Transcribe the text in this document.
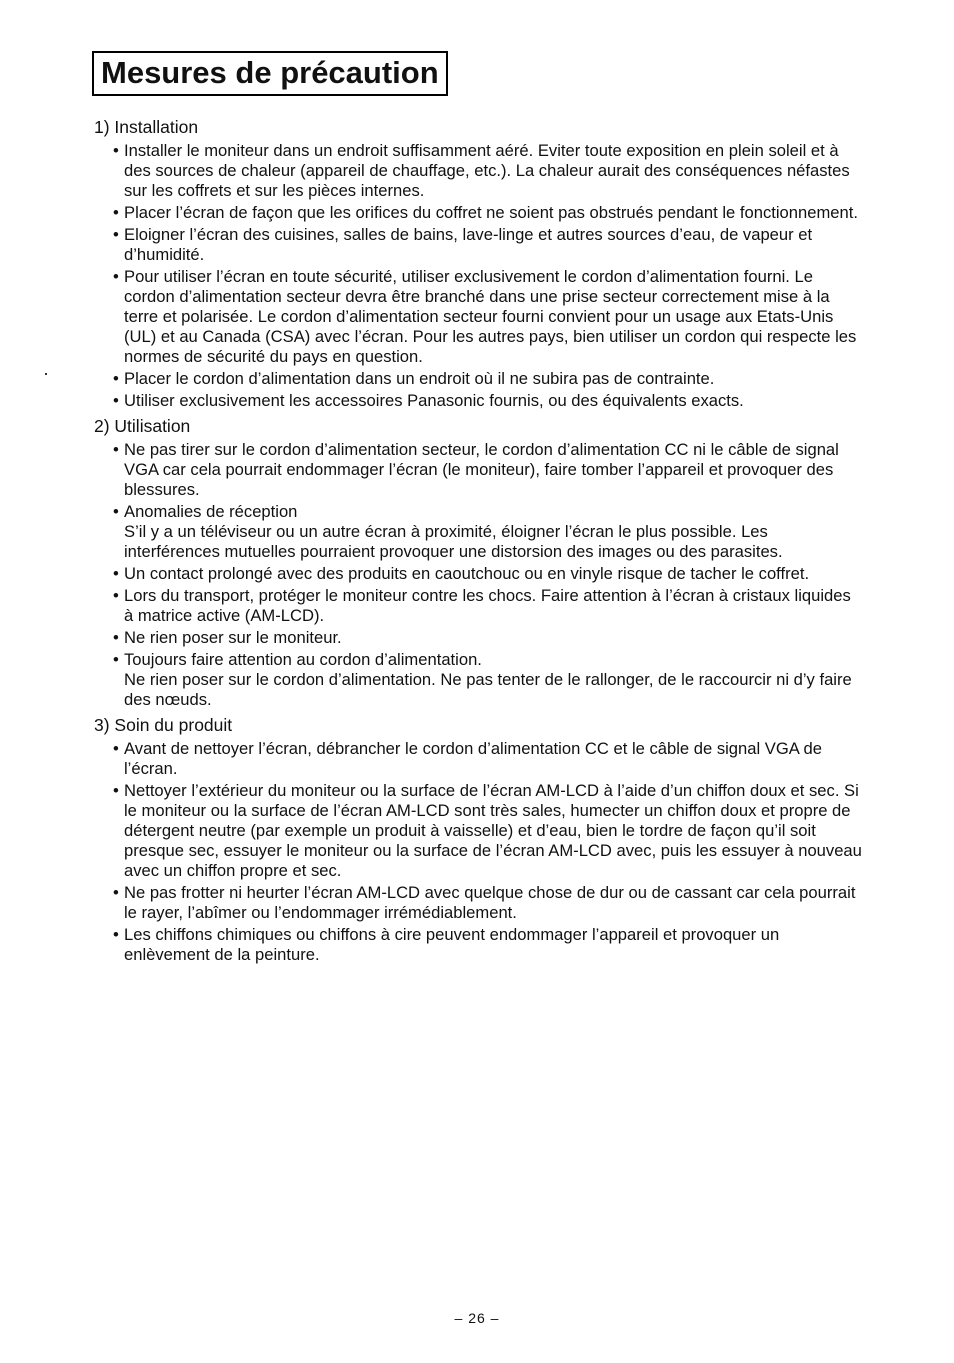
Mesures de précaution
1) Installation
• Installer le moniteur dans un endroit suffisamment aéré. Eviter toute exposition en plein soleil et à des sources de chaleur (appareil de chauffage, etc.). La chaleur aurait des conséquences néfastes sur les coffrets et sur les pièces internes.
• Placer l’écran de façon que les orifices du coffret ne soient pas obstrués pendant le fonctionnement.
• Eloigner l’écran des cuisines, salles de bains, lave-linge et autres sources d’eau, de vapeur et d’humidité.
• Pour utiliser l’écran en toute sécurité, utiliser exclusivement le cordon d’alimentation fourni. Le cordon d’alimentation secteur devra être branché dans une prise secteur correctement mise à la terre et polarisée. Le cordon d’alimentation secteur fourni convient pour un usage aux Etats-Unis (UL) et au Canada (CSA) avec l’écran. Pour les autres pays, bien utiliser un cordon qui respecte les normes de sécurité du pays en question.
• Placer le cordon d’alimentation dans un endroit où il ne subira pas de contrainte.
• Utiliser exclusivement les accessoires Panasonic fournis, ou des équivalents exacts.
2) Utilisation
• Ne pas tirer sur le cordon d’alimentation secteur, le cordon d’alimentation CC ni le câble de signal VGA car cela pourrait endommager l’écran (le moniteur), faire tomber l’appareil et provoquer des blessures.
• Anomalies de réception
S’il y a un téléviseur ou un autre écran à proximité, éloigner l’écran le plus possible. Les interférences mutuelles pourraient provoquer une distorsion des images ou des parasites.
• Un contact prolongé avec des produits en caoutchouc ou en vinyle risque de tacher le coffret.
• Lors du transport, protéger le moniteur contre les chocs. Faire attention à l’écran à cristaux liquides à matrice active (AM-LCD).
• Ne rien poser sur le moniteur.
• Toujours faire attention au cordon d’alimentation.
Ne rien poser sur le cordon d’alimentation. Ne pas tenter de le rallonger, de le raccourcir ni d’y faire des nœuds.
3) Soin du produit
• Avant de nettoyer l’écran, débrancher le cordon d’alimentation CC et le câble de signal VGA de l’écran.
• Nettoyer l’extérieur du moniteur ou la surface de l’écran AM-LCD à l’aide d’un chiffon doux et sec. Si le moniteur ou la surface de l’écran AM-LCD sont très sales, humecter un chiffon doux et propre de détergent neutre (par exemple un produit à vaisselle) et d’eau, bien le tordre de façon qu’il soit presque sec, essuyer le moniteur ou la surface de l’écran AM-LCD avec, puis les essuyer à nouveau avec un chiffon propre et sec.
• Ne pas frotter ni heurter l’écran AM-LCD avec quelque chose de dur ou de cassant car cela pourrait le rayer, l’abîmer ou l’endommager irrémédiablement.
• Les chiffons chimiques ou chiffons à cire peuvent endommager l’appareil et provoquer un enlèvement de la peinture.
– 26 –
